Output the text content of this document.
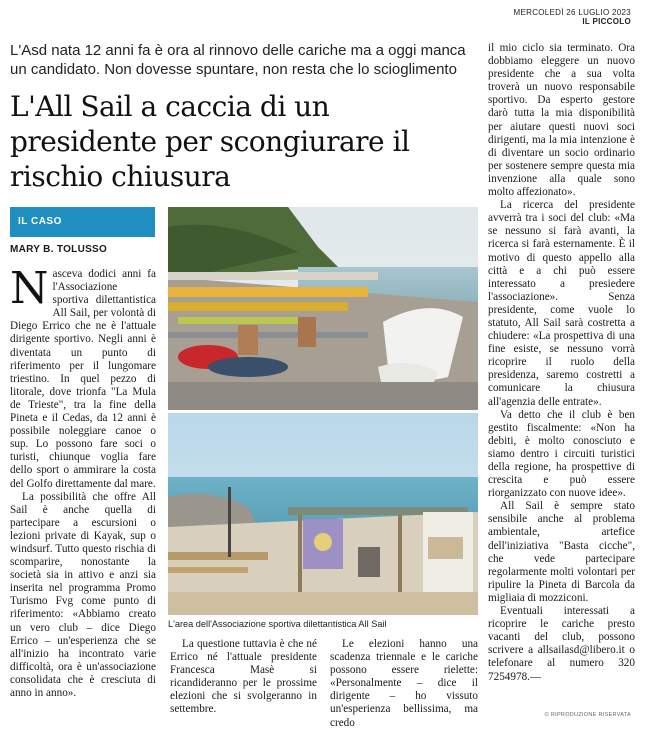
MERCOLEDÌ 26 LUGLIO 2023
IL PICCOLO
L'Asd nata 12 anni fa è ora al rinnovo delle cariche ma a oggi manca un candidato. Non dovesse spuntare, non resta che lo scioglimento
L'All Sail a caccia di un presidente per scongiurare il rischio chiusura
IL CASO
MARY B. TOLUSSO

Nasceva dodici anni fa l'Associazione sportiva dilettantistica All Sail, per volontà di Diego Errico che ne è l'attuale dirigente sportivo. Negli anni è diventata un punto di riferimento per il lungomare triestino. In quel pezzo di litorale, dove trionfa "La Mula de Trieste", tra la fine della Pineta e il Cedas, da 12 anni è possibile noleggiare canoe o sup. Lo possono fare soci o turisti, chiunque voglia fare dello sport o ammirare la costa del Golfo direttamente dal mare.

La possibilità che offre All Sail è anche quella di partecipare a escursioni o lezioni private di Kayak, sup o windsurf. Tutto questo rischia di scomparire, nonostante la società sia in attivo e anzi sia inserita nel programma Promo Turismo Fvg come punto di riferimento: «Abbiamo creato un vero club – dice Diego Errico – un'esperienza che se all'inizio ha incontrato varie difficoltà, ora è un'associazione consolidata che è cresciuta di anno in anno».

L'area dell'Associazione sportiva dilettantistica All Sail

La questione tuttavia è che né Errico né l'attuale presidente Francesca Masè si ricandideranno per le prossime elezioni che si svolgeranno in settembre.

Le elezioni hanno una scadenza triennale e le cariche possono essere rielette: «Personalmente – dice il dirigente – ho vissuto un'esperienza bellissima, ma credo

il mio ciclo sia terminato. Ora dobbiamo eleggere un nuovo presidente che a sua volta troverà un nuovo responsabile sportivo. Da esperto gestore darò tutta la mia disponibilità per aiutare questi nuovi soci dirigenti, ma la mia intenzione è di diventare un socio ordinario per sostenere sempre questa mia invenzione alla quale sono molto affezionato».

La ricerca del presidente avverrà tra i soci del club: «Ma se nessuno si farà avanti, la ricerca si farà esternamente. È il motivo di questo appello alla città e a chi può essere interessato a presiedere l'associazione». Senza presidente, come vuole lo statuto, All Sail sarà costretta a chiudere: «La prospettiva di una fine esiste, se nessuno vorrà ricoprire il ruolo della presidenza, saremo costretti a comunicare la chiusura all'agenzia delle entrate».

Va detto che il club è ben gestito fiscalmente: «Non ha debiti, è molto conosciuto e siamo dentro i circuiti turistici della regione, ha prospettive di crescita e può essere riorganizzato con nuove idee».

All Sail è sempre stato sensibile anche al problema ambientale, artefice dell'iniziativa "Basta cicche", che vede partecipare regolarmente molti volontari per ripulire la Pineta di Barcola da migliaia di mozziconi.

Eventuali interessati a ricoprire le cariche presto vacanti del club, possono scrivere a allsailasd@libero.it o telefonare al numero 320 7254978.—

© RIPRODUZIONE RISERVATA
